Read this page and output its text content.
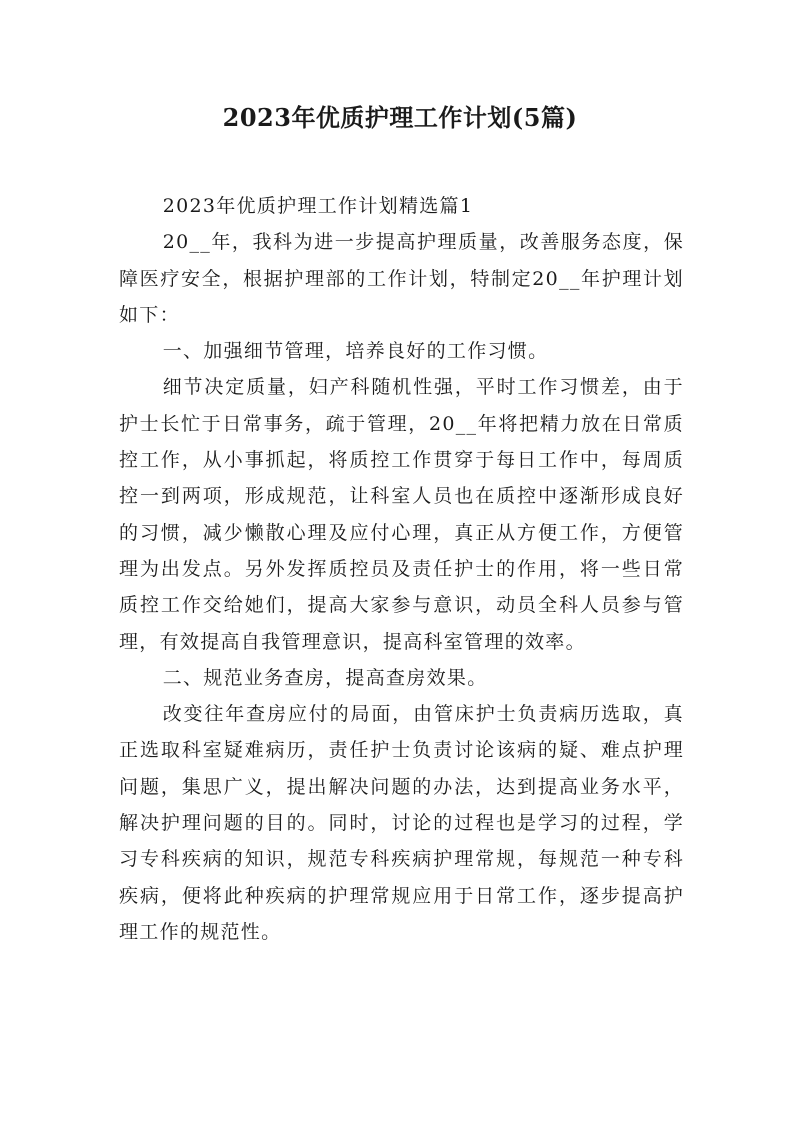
2023年优质护理工作计划(5篇)

2023年优质护理工作计划精选篇1

20__年，我科为进一步提高护理质量，改善服务态度，保障医疗安全，根据护理部的工作计划，特制定20__年护理计划如下：

一、加强细节管理，培养良好的工作习惯。

细节决定质量，妇产科随机性强，平时工作习惯差，由于护士长忙于日常事务，疏于管理，20__年将把精力放在日常质控工作，从小事抓起，将质控工作贯穿于每日工作中，每周质控一到两项，形成规范，让科室人员也在质控中逐渐形成良好的习惯，减少懒散心理及应付心理，真正从方便工作，方便管理为出发点。另外发挥质控员及责任护士的作用，将一些日常质控工作交给她们，提高大家参与意识，动员全科人员参与管理，有效提高自我管理意识，提高科室管理的效率。

二、规范业务查房，提高查房效果。

改变往年查房应付的局面，由管床护士负责病历选取，真正选取科室疑难病历，责任护士负责讨论该病的疑、难点护理问题，集思广义，提出解决问题的办法，达到提高业务水平，解决护理问题的目的。同时，讨论的过程也是学习的过程，学习专科疾病的知识，规范专科疾病护理常规，每规范一种专科疾病，便将此种疾病的护理常规应用于日常工作，逐步提高护理工作的规范性。
